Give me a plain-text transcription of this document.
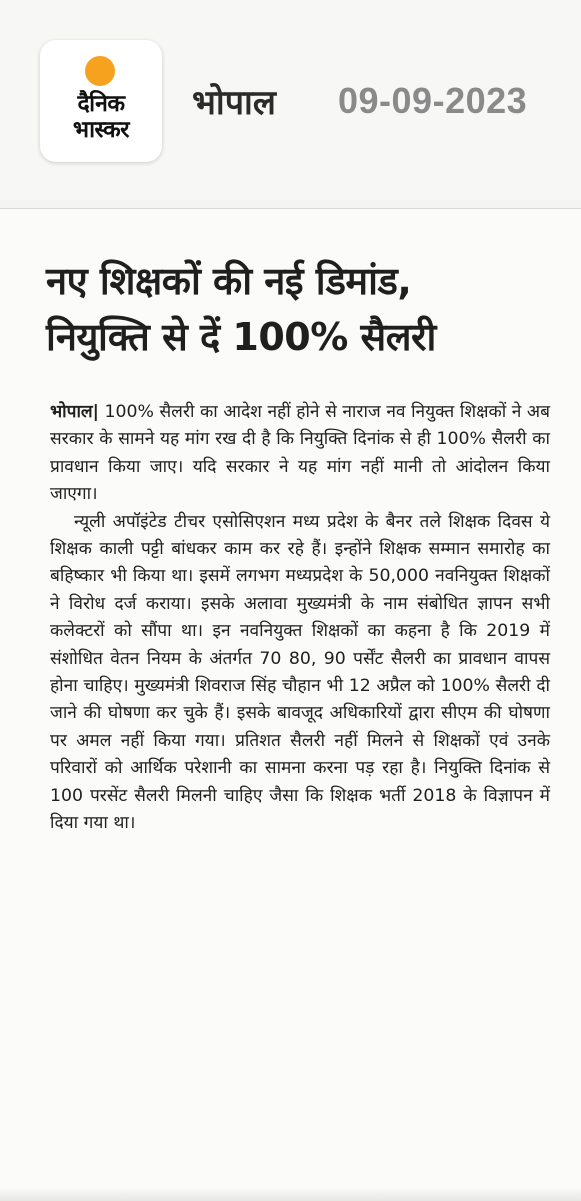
दैनिक
भास्कर
भोपाल 09-09-2023
नए शिक्षकों की नई डिमांड,
नियुक्ति से दें 100% सैलरी

भोपाल| 100% सैलरी का आदेश नहीं होने से नाराज नव नियुक्त शिक्षकों ने अब सरकार के सामने यह मांग रख दी है कि नियुक्ति दिनांक से ही 100% सैलरी का प्रावधान किया जाए। यदि सरकार ने यह मांग नहीं मानी तो आंदोलन किया जाएगा।

न्यूली अपॉइंटेड टीचर एसोसिएशन मध्य प्रदेश के बैनर तले शिक्षक दिवस ये शिक्षक काली पट्टी बांधकर काम कर रहे हैं। इन्होंने शिक्षक सम्मान समारोह का बहिष्कार भी किया था। इसमें लगभग मध्यप्रदेश के 50,000 नवनियुक्त शिक्षकों ने विरोध दर्ज कराया। इसके अलावा मुख्यमंत्री के नाम संबोधित ज्ञापन सभी कलेक्टरों को सौंपा था। इन नवनियुक्त शिक्षकों का कहना है कि 2019 में संशोधित वेतन नियम के अंतर्गत 70 80, 90 पर्सेंट सैलरी का प्रावधान वापस होना चाहिए। मुख्यमंत्री शिवराज सिंह चौहान भी 12 अप्रैल को 100% सैलरी दी जाने की घोषणा कर चुके हैं। इसके बावजूद अधिकारियों द्वारा सीएम की घोषणा पर अमल नहीं किया गया। प्रतिशत सैलरी नहीं मिलने से शिक्षकों एवं उनके परिवारों को आर्थिक परेशानी का सामना करना पड़ रहा है। नियुक्ति दिनांक से 100 परसेंट सैलरी मिलनी चाहिए जैसा कि शिक्षक भर्ती 2018 के विज्ञापन में दिया गया था।
